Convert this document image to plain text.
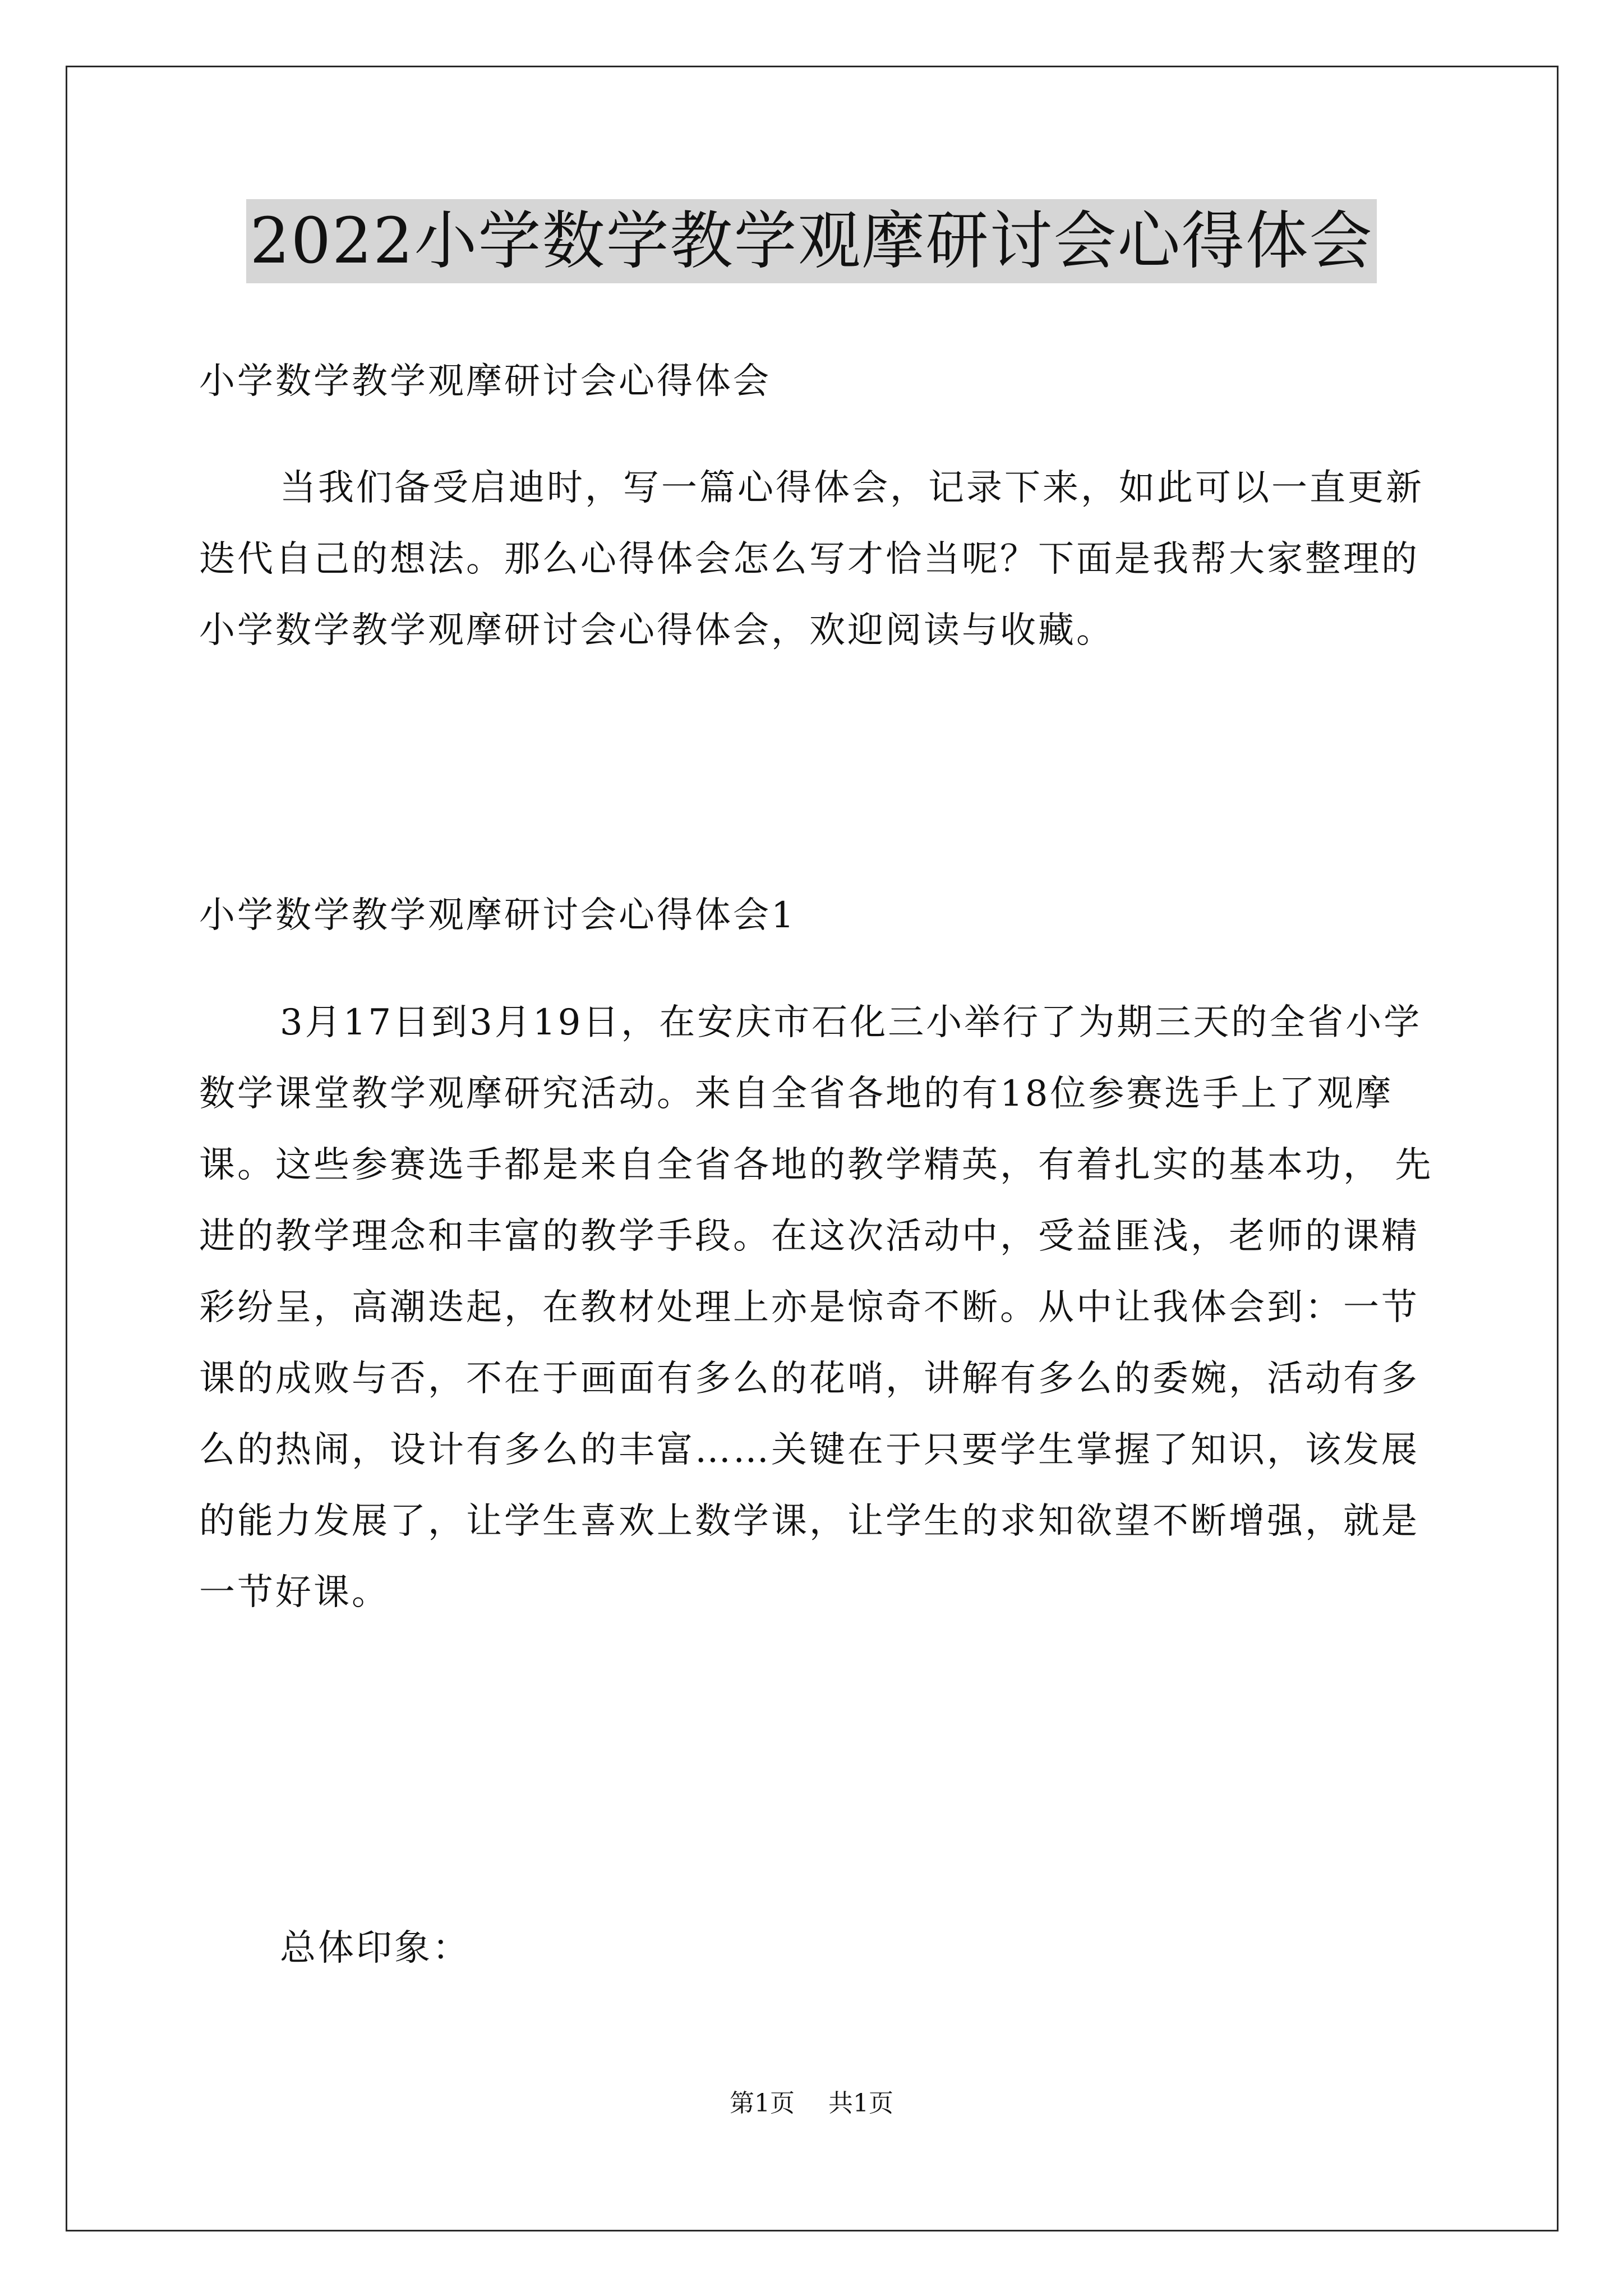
2022小学数学教学观摩研讨会心得体会
小学数学教学观摩研讨会心得体会
当我们备受启迪时，写一篇心得体会，记录下来，如此可以一直更新迭代自己的想法。那么心得体会怎么写才恰当呢？下面是我帮大家整理的小学数学教学观摩研讨会心得体会，欢迎阅读与收藏。
小学数学教学观摩研讨会心得体会1
3月17日到3月19日，在安庆市石化三小举行了为期三天的全省小学数学课堂教学观摩研究活动。来自全省各地的有18位参赛选手上了观摩课。这些参赛选手都是来自全省各地的教学精英，有着扎实的基本功， 先进的教学理念和丰富的教学手段。在这次活动中，受益匪浅，老师的课精彩纷呈，高潮迭起，在教材处理上亦是惊奇不断。从中让我体会到：一节课的成败与否，不在于画面有多么的花哨，讲解有多么的委婉，活动有多么的热闹，设计有多么的丰富……关键在于只要学生掌握了知识，该发展的能力发展了，让学生喜欢上数学课，让学生的求知欲望不断增强，就是一节好课。
总体印象：
第1页 共1页
